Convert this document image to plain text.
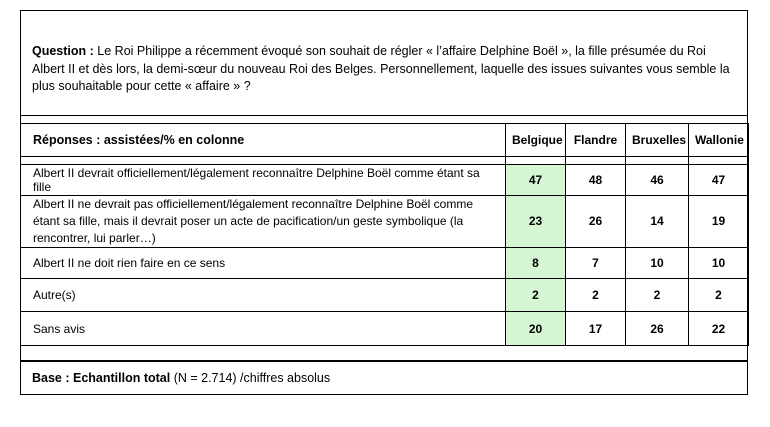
Question : Le Roi Philippe a récemment évoqué son souhait de régler « l’affaire Delphine Boël », la fille présumée du Roi Albert II et dès lors, la demi-sœur du nouveau Roi des Belges. Personnellement, laquelle des issues suivantes vous semble la plus souhaitable pour cette « affaire » ?
Réponses : assistées/% en colonne	Belgique	Flandre	Bruxelles	Wallonie

Albert II devrait officiellement/légalement reconnaître Delphine Boël comme étant sa fille	47	48	46	47
Albert II ne devrait pas officiellement/légalement reconnaître Delphine Boël comme étant sa fille, mais il devrait poser un acte de pacification/un geste symbolique (la rencontrer, lui parler…)	23	26	14	19
Albert II ne doit rien faire en ce sens	8	7	10	10
Autre(s)	2	2	2	2
Sans avis	20	17	26	22
Base : Echantillon total (N = 2.714) /chiffres absolus
